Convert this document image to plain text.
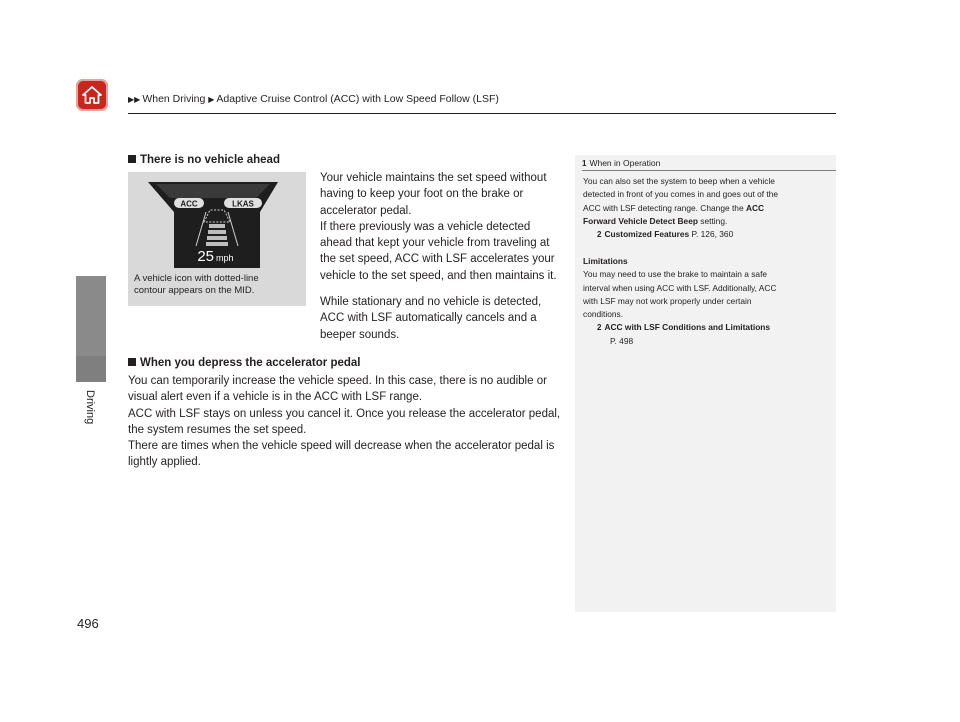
▶▶ When Driving ▶ Adaptive Cruise Control (ACC) with Low Speed Follow (LSF)
Driving
There is no vehicle ahead
ACC	LKAS
25 mph
A vehicle icon with dotted-line
contour appears on the MID.
Your vehicle maintains the set speed without
having to keep your foot on the brake or
accelerator pedal.
If there previously was a vehicle detected
ahead that kept your vehicle from traveling at
the set speed, ACC with LSF accelerates your
vehicle to the set speed, and then maintains it.
While stationary and no vehicle is detected,
ACC with LSF automatically cancels and a
beeper sounds.
When you depress the accelerator pedal
You can temporarily increase the vehicle speed. In this case, there is no audible or
visual alert even if a vehicle is in the ACC with LSF range.
ACC with LSF stays on unless you cancel it. Once you release the accelerator pedal,
the system resumes the set speed.
There are times when the vehicle speed will decrease when the accelerator pedal is
lightly applied.
1 When in Operation
You can also set the system to beep when a vehicle
detected in front of you comes in and goes out of the
ACC with LSF detecting range. Change the ACC
Forward Vehicle Detect Beep setting.
2 Customized Features P. 126, 360
Limitations
You may need to use the brake to maintain a safe
interval when using ACC with LSF. Additionally, ACC
with LSF may not work properly under certain
conditions.
2 ACC with LSF Conditions and Limitations
P. 498
496
